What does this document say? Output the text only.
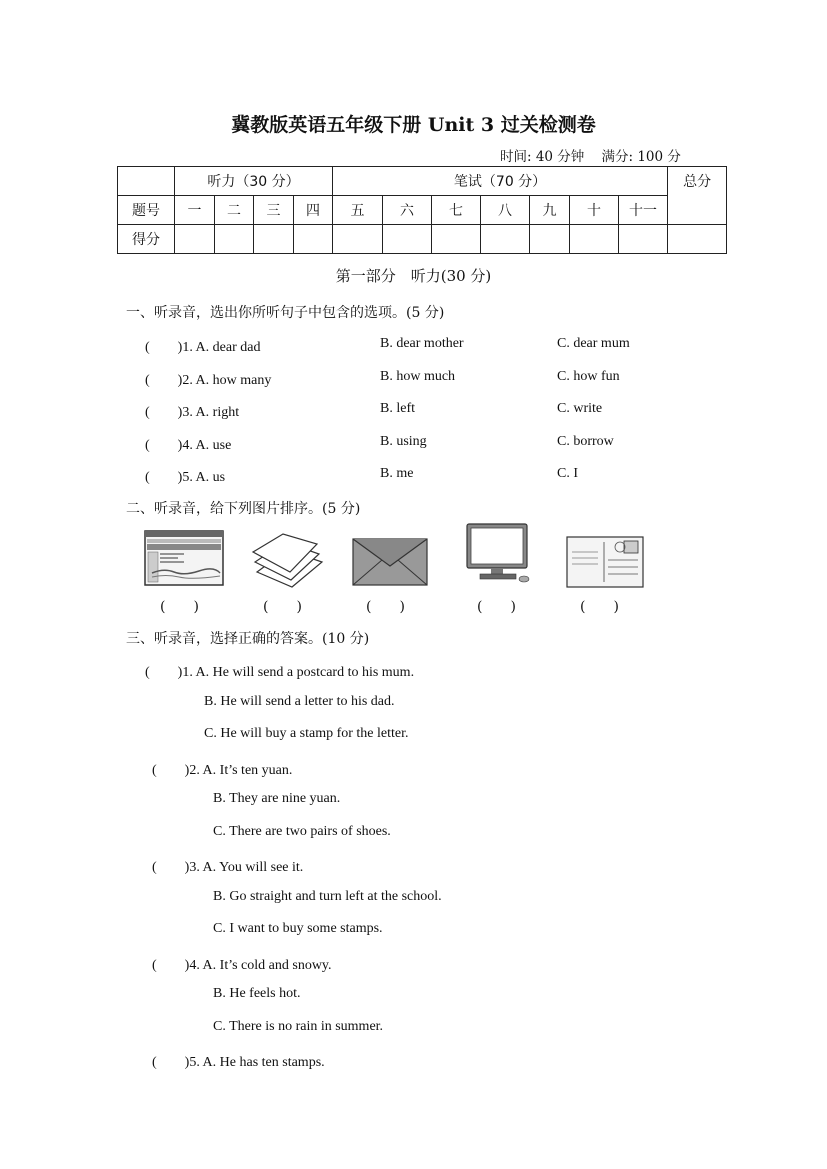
冀教版英语五年级下册 Unit 3 过关检测卷
时间: 40 分钟 满分: 100 分
	听力（30 分）				笔试（70 分）							总分
题号	一	二	三	四	五	六	七	八	九	十	十一	
得分												
第一部分　听力(30 分)
一、听录音，选出你所听句子中包含的选项。(5 分)
(　　)1. A. dear dad	B. dear mother	C. dear mum
(　　)2. A. how many	B. how much	C. how fun
(　　)3. A. right	B. left	C. write
(　　)4. A. use	B. using	C. borrow
(　　)5. A. us	B. me	C. I
二、听录音，给下列图片排序。(5 分)
(　　)	(　　)	(　　)	(　　)	(　　)
三、听录音，选择正确的答案。(10 分)
(　　)1. A. He will send a postcard to his mum.
B. He will send a letter to his dad.
C. He will buy a stamp for the letter.
(　　)2. A. It’s ten yuan.
B. They are nine yuan.
C. There are two pairs of shoes.
(　　)3. A. You will see it.
B. Go straight and turn left at the school.
C. I want to buy some stamps.
(　　)4. A. It’s cold and snowy.
B. He feels hot.
C. There is no rain in summer.
(　　)5. A. He has ten stamps.
